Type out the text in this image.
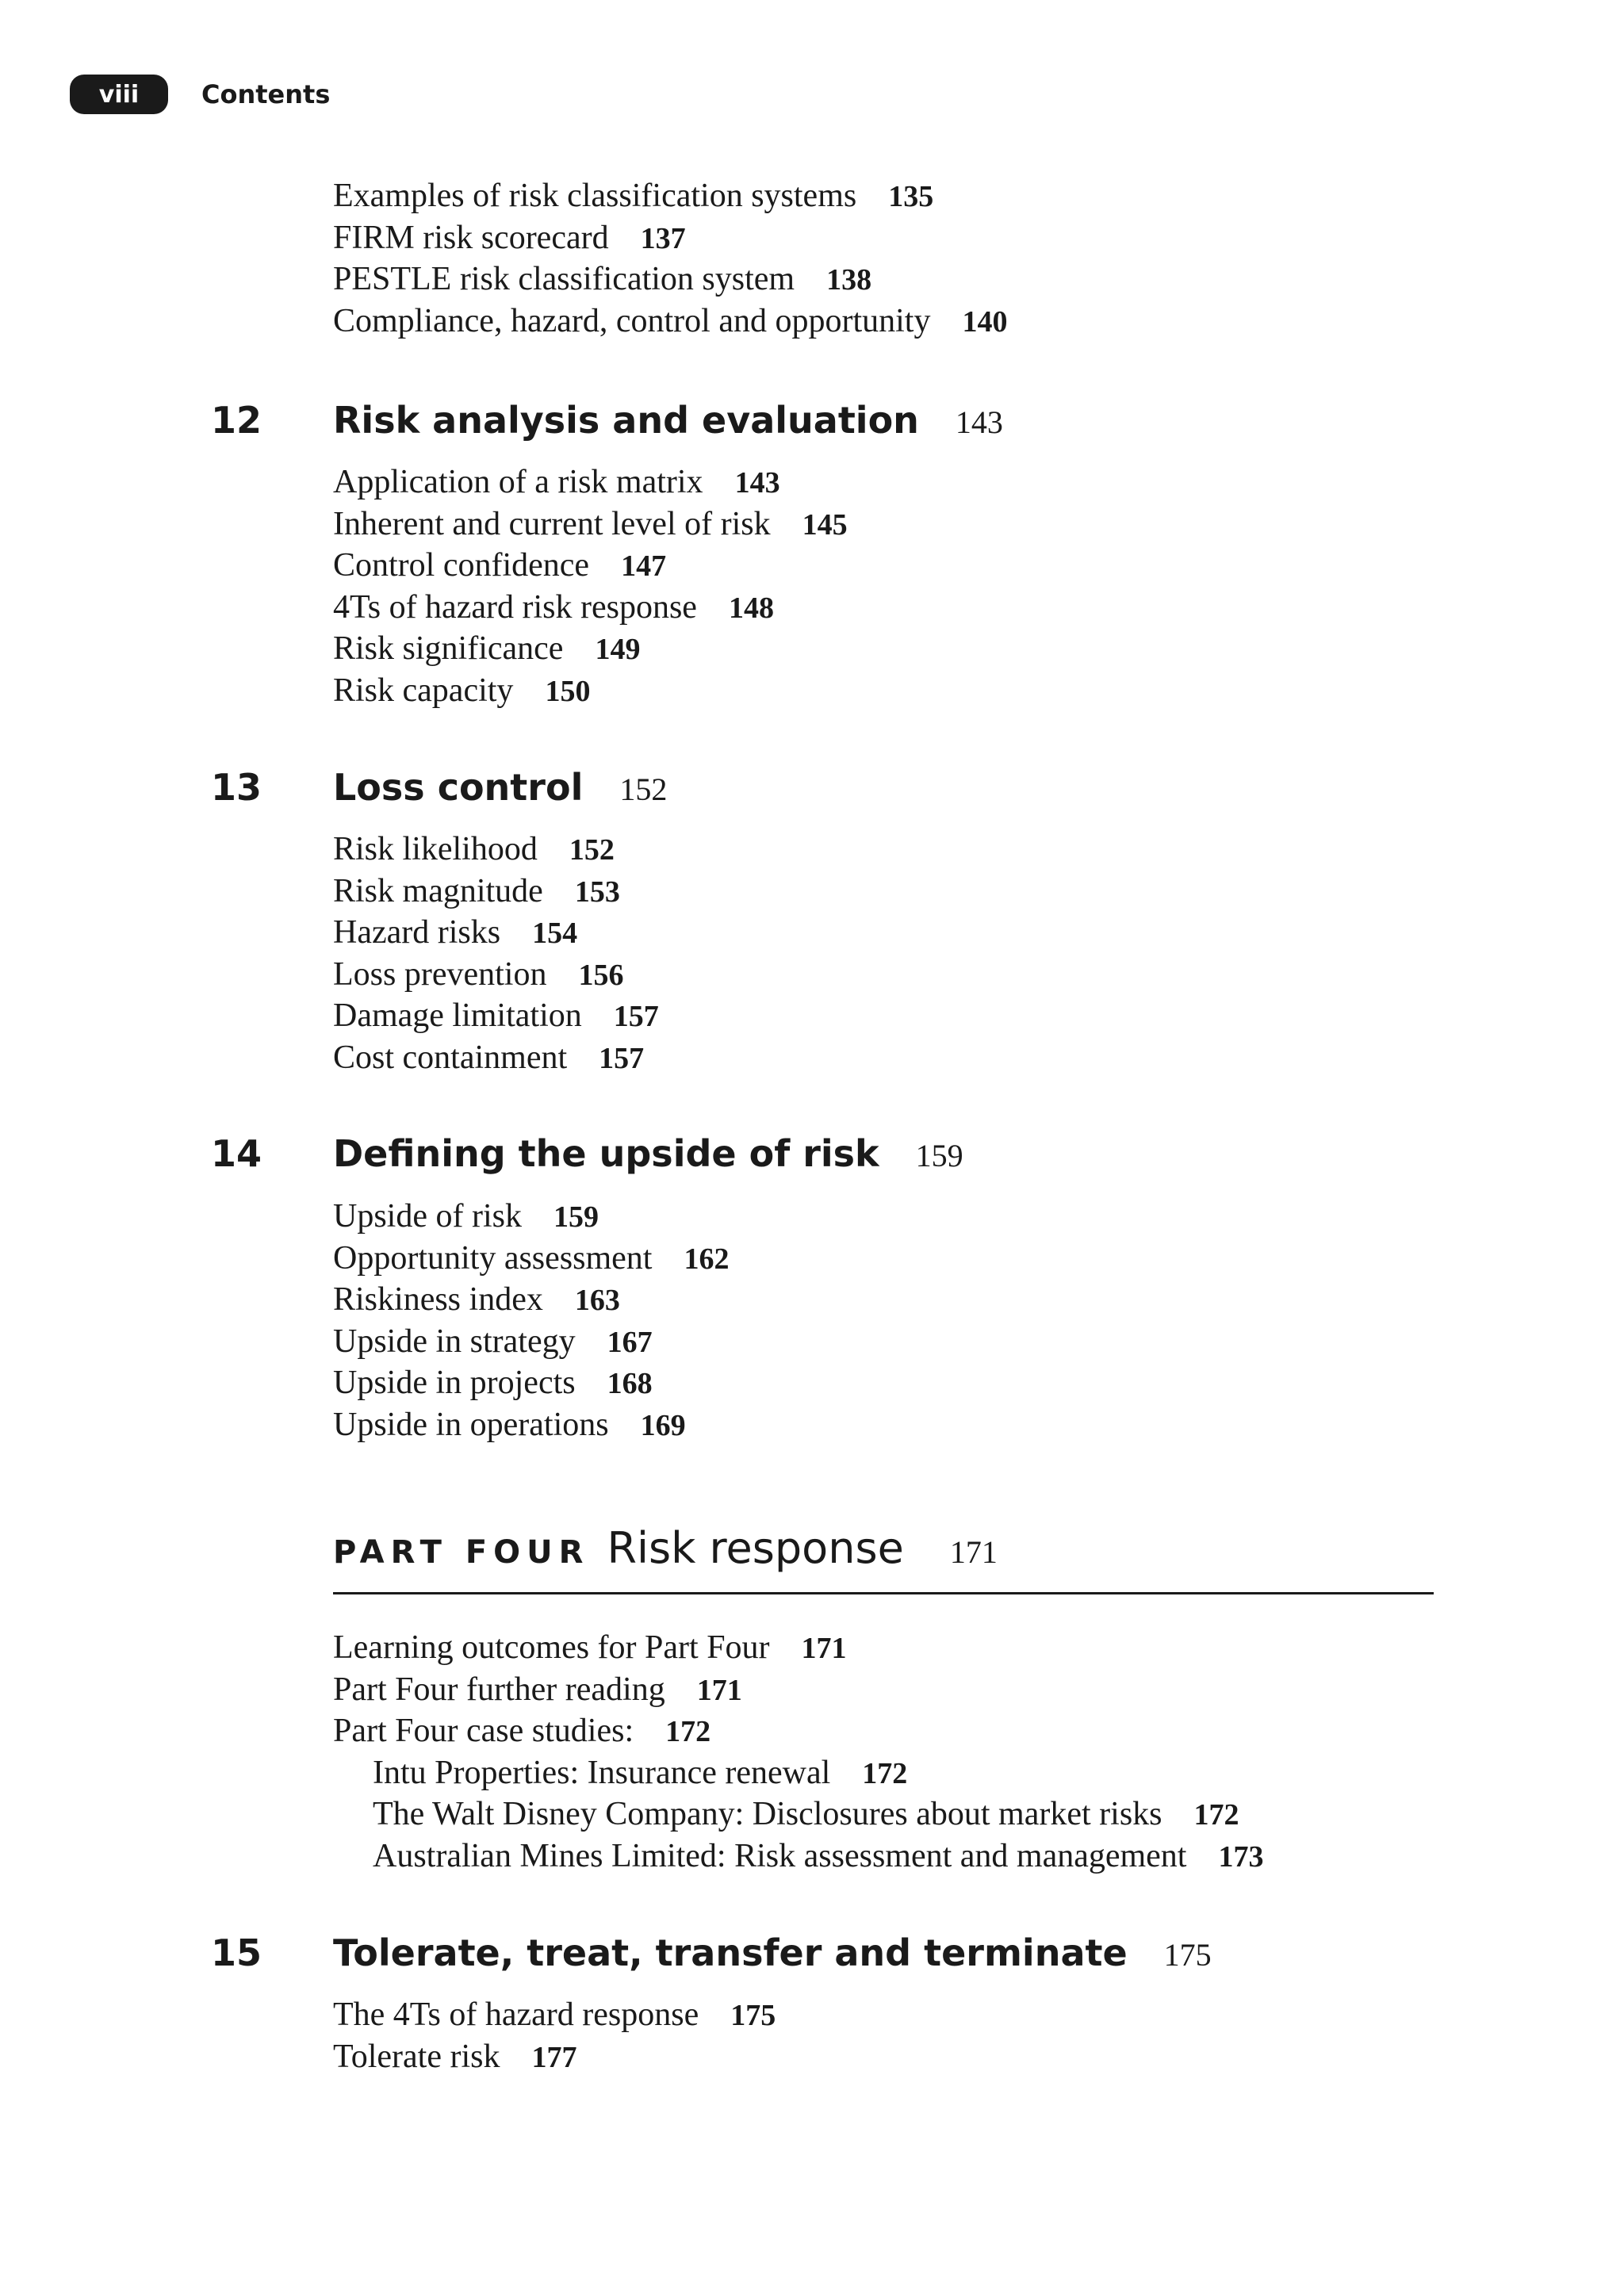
viii	Contents
Examples of risk classification systems 135
FIRM risk scorecard 137
PESTLE risk classification system 138
Compliance, hazard, control and opportunity 140
12 Risk analysis and evaluation 143
Application of a risk matrix 143
Inherent and current level of risk 145
Control confidence 147
4Ts of hazard risk response 148
Risk significance 149
Risk capacity 150
13 Loss control 152
Risk likelihood 152
Risk magnitude 153
Hazard risks 154
Loss prevention 156
Damage limitation 157
Cost containment 157
14 Defining the upside of risk 159
Upside of risk 159
Opportunity assessment 162
Riskiness index 163
Upside in strategy 167
Upside in projects 168
Upside in operations 169
PART FOUR Risk response 171
Learning outcomes for Part Four 171
Part Four further reading 171
Part Four case studies: 172
Intu Properties: Insurance renewal 172
The Walt Disney Company: Disclosures about market risks 172
Australian Mines Limited: Risk assessment and management 173
15 Tolerate, treat, transfer and terminate 175
The 4Ts of hazard response 175
Tolerate risk 177
